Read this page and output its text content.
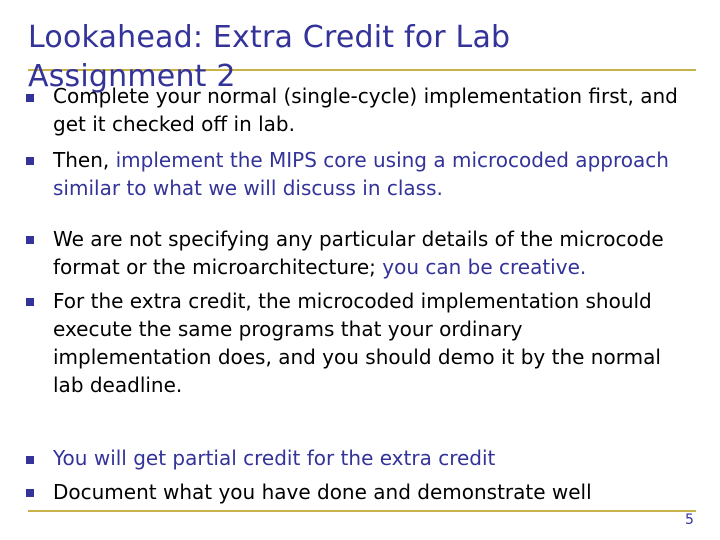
Lookahead: Extra Credit for Lab
Assignment 2
Complete your normal (single-cycle) implementation first, and
get it checked off in lab.
Then, implement the MIPS core using a microcoded approach
similar to what we will discuss in class.
We are not specifying any particular details of the microcode
format or the microarchitecture; you can be creative.
For the extra credit, the microcoded implementation should
execute the same programs that your ordinary
implementation does, and you should demo it by the normal
lab deadline.
You will get partial credit for the extra credit
Document what you have done and demonstrate well
5
